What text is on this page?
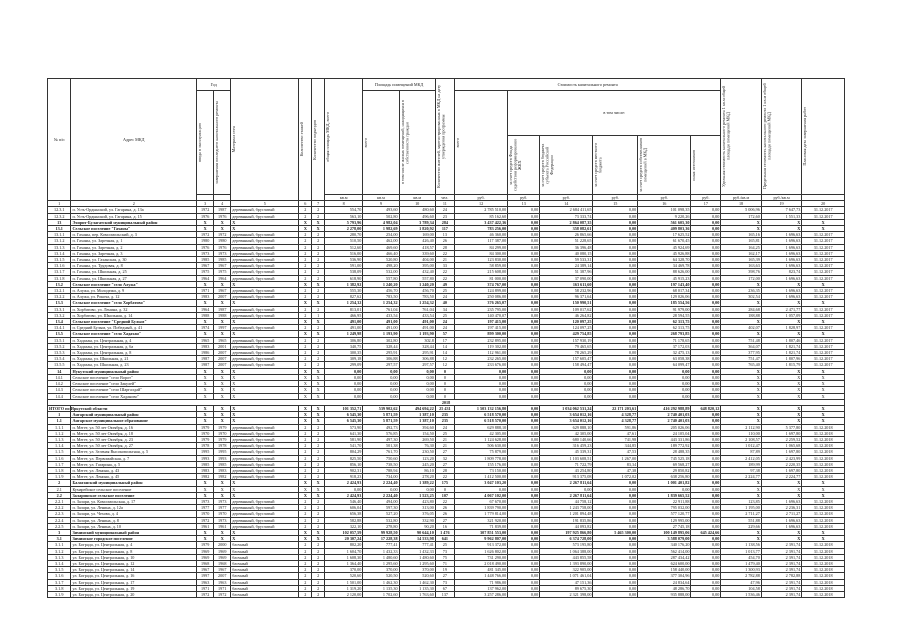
№ п/п	Адрес МКД	Год		Материал стен	Количество этажей	Количество подъездов	общая площадь МКД, всего	Площадь помещений МКД		Количество жителей, зарегистрированных в МКД на дату утверждения программы	Стоимость капитального ремонта						Удельная стоимость капитального ремонта 1 кв.м общей площади помещений МКД	Предельная стоимость капитального ремонта 1 кв.м общей площади помещений МКД	Плановая дата завершения работ

		ввода в эксплуатацию	завершения последнего капитального ремонта					всего	в том числе жилых помещений, находящихся в собственности граждан		всего	в том числе:							

												за счет средств Фонда содействия реформированию ЖКХ	за счет средств бюджета субъекта Российской Федерации	за счет средств местного бюджета	за счет средств собственников помещений в МКД	иных источников			

							кв.м	кв.м	кв.м	чел.	руб.	руб.	руб.	руб.	руб.	руб.	руб./кв.м	руб./кв.м	
1	2	3	4	5	6	7	8	9	10	11	12	13	14	15	16	17	18	19	20
12.3.1	п. Усть-Ордынский, ул. Гагарина, д. 13а	1972	1987	деревянный, брусчатый	2	2	554,70	493,60	480,60	24	2 785 510,00	0,00	2 684 411,65	0,00	101 098,35	0,00	5 006,96	7 647,73	31.12.2017
12.3.2	п. Усть-Ордынский, ул. Гагарина, д. 15	1976	1976	деревянный, брусчатый	2	2	563,10	502,80	496,60	23	85 162,60	0,00	73 333,74	0,00	9 220,26	0,00	172,60	1 551,33	31.12.2017
13	Эхирит-Булагатский муниципальный район	X	X	X	X	X	5 793,96	4 982,04	3 789,34	284	3 437 422,36	0,00	2 864 087,35	0,00	561 605,30	0,00	X	X	X
13.1	Сельское поселение "Гаханы"	X	X	X	X	X	2 278,00	1 982,69	1 820,92	117	783 256,00	0,00	358 082,61	0,00	409 803,36	0,00	X	X	X
13.1.1	п. Гаханы, пер. Комсомольский, д. 3	1972	1972	деревянный, брусчатый	2	2	280,70	254,00	169,00	13	46 360,00	0,00	26 865,66	0,00	17 625,52	0,00	165,16	1 696,63	31.12.2017
13.1.2	п. Гаханы, ул. Заречная, д. 1	1980	1980	деревянный, брусчатый	2	2	510,50	462,00	426,40	26	117 387,00	0,00	51 228,65	0,00	61 670,45	0,00	165,81	1 696,63	31.12.2017
13.1.3	п. Гаханы, ул. Заречная, д. 2	1976	1976	деревянный, брусчатый	2	2	512,60	469,60	418,57	28	84 299,00	0,00	36 396,48	0,00	45 924,69	0,00	164,25	1 696,63	31.12.2017
13.1.4	п. Гаханы, ул. Заречная, д. 3	1973	1973	деревянный, брусчатый	2	2	516,00	466,40	339,60	22	84 300,00	0,00	40 080,15	0,00	45 926,88	0,00	162,17	1 696,63	31.12.2017
13.1.5	п. Гаханы, ул. Гаханская, д. 30	1985	1985	деревянный, брусчатый	2	2	536,90	520,80	404,00	21	123 830,00	0,00	59 533,31	0,00	64 328,70	0,00	165,39	1 696,63	31.12.2017
13.1.6	п. Гаханы, ул. Трудовая, д. 8	1967	1967	деревянный, брусчатый	2	2	591,00	498,20	395,00	33	58 859,00	0,00	24 389,14	0,00	34 469,78	0,00	163,63	1 696,63	31.12.2017
13.1.7	п. Гаханы, ул. Школьная, д. 25	1975	1975	деревянный, брусчатый	2	2	538,09	532,00	432,40	22	215 608,00	0,00	51 387,96	0,00	88 626,00	0,00	398,76	823,74	31.12.2017
13.1.8	п. Гаханы, ул. Школьная, д. 27	1964	1964	деревянный, брусчатый	2	2	618,90	557,80	557,80	22	81 000,00	0,00	37 090,00	0,00	45 915,23	0,00	172,00	1 696,63	31.12.2017
13.2	Сельское поселение "село Алужа"	X	X	X	X	X	1 382,92	1 240,20	1 240,20	49	374 767,00	0,00	163 611,60	0,00	197 143,40	0,00	X	X	X
13.2.1	п. Алужа, ул. Молодежи, д. 9	1971	1967	деревянный, брусчатый	2	2	555,30	456,70	456,70	25	124 899,00	0,00	58 232,96	0,00	68 017,34	0,00	236,35	1 696,63	31.12.2017
13.2.2	п. Алужа, ул. Рокоча, д. 12	1983	2007	деревянный, брусчатый	2	2	827,62	783,50	783,50	24	250 086,00	0,00	96 371,64	0,00	129 026,06	0,00	302,54	1 696,63	31.12.2017
13.3	Сельское поселение "село Хорбатово"	X	X	X	X	X	1 254,32	1 254,32	1 254,32	40	376 265,07	0,00	150 990,51	0,00	185 554,56	0,00	X	X	X
13.3.1	п. Хорбатово, ул. Ленина, д. 32	1964	1987	деревянный, брусчатый	2	2	813,01	761,04	761,04	34	235 795,00	0,00	109 017,62	0,00	91 979,00	0,00	284,68	2 471,77	31.12.2017
13.3.2	п. Хорбатово, ул. Школьная, д. 14	1988	1988	деревянный, брусчатый	2	1	466,95	433,54	433,54	25	140 470,07	0,00	46 264,82	0,00	28 594,55	0,00	188,88	1 057,09	31.12.2017
13.4	Сельское поселение "Средний Булым"	X	X	X	X	X	491,00	491,00	491,00	24	197 415,00	0,00	120 097,25	0,00	62 313,75	0,00	X	X	X
13.4.1	п. Средний Булым, ул. Победный, д. 41	1974	1997	деревянный, брусчатый	2	2	491,00	491,00	491,00	24	197 415,00	0,00	124 097,25	0,00	62 313,75	0,00	402,07	1 828,97	31.12.2017
13.5	Сельское поселение "село Хадахан"	X	X	X	X	X	1 249,98	1 193,90	1 193,90	57	899 300,00	0,00	429 754,85	0,00	268 793,85	0,00	X	X	X
13.5.1	п. Хадахан, ул. Центральная, д. 4	1965	1965	деревянный, брусчатый	2	2	306,80	302,80	302,8	17	232 895,00	0,00	157 930,19	0,00	71 178,65	0,00	751,48	1 807,46	31.12.2017
13.5.2	п. Хадахан, ул. Центральная, д. 6а	1983	2001	деревянный, брусчатый	2	2	340,75	328,44	328,44	14	119 302,00	0,00	79 465,65	0,00	37 172,03	0,00	364,07	1 821,74	31.12.2017
13.5.3	п. Хадахан, ул. Центральная, д. 8	1986	2007	деревянный, брусчатый	2	2	300,35	295,91	295,91	14	112 961,00	0,00	78 265,29	0,00	32 475,13	0,00	377,95	1 821,74	31.12.2017
13.5.4	п. Хадахан, ул. Школьная, д. 21	1987	2007	деревянный, брусчатый	2	2	309,18	306,88	306,88	12	232 265,00	0,00	157 605,47	0,00	63 058,38	0,00	751,47	1 807,96	31.12.2017
13.5.5	п. Хадахан, ул. Школьная, д. 23	1987	2007	деревянный, брусчатый	2	2	299,09	297,57	297,57	12	233 676,00	0,00	158 494,47	0,00	64 099,47	0,00	765,40	1 815,79	31.12.2017
14	Нукутский муниципальный район	X	X	X	X	X	0,00	0,00	0,00	0	0,00	0,00	0,00	0,00	0,00	0,00	X	X	X
14.1	Сельское поселение "село Ворот"	X	X	X	X	X	0,00	0,00	0,00	0	0,00	0,00	0,00	0,00	0,00	0,00	X	X	X
14.2	Сельское поселение "село Закулей"	X	X	X	X	X	0,00	0,00	0,00	0	0,00	0,00	0,00	0,00	0,00	0,00	X	X	X
14.3	Сельское поселение "село Шаргалдай"	X	X	X	X	X	0,00	0,00	0,00	0	0,00	0,00	0,00	0,00	0,00	0,00	X	X	X
14.4	Сельское поселение "село Хаданово"	X	X	X	X	X	0,00	0,00	0,00	0	0,00	0,00	0,00	0,00	0,00	0,00	X	X	X
2018																			
ИТОГО по Иркутской области		X	X	X	X	X	101 352,71	539 902,62	494 694,22	25 431	1 503 132 156,80	0,00	1 034 062 531,24	22 171 203,61	416 292 988,89	648 820,12	X	X	X
1	Ангарский муниципальный район	X	X	X	X	X	6 545,30	5 871,59	1 387,10	235	6 518 570,00	0,00	3 654 012,16	4 328,77	2 740 401,03	0,00	X	X	X
1.1	Ангарское муниципальное образование	X	X	X	X	X	6 545,30	5 871,59	1 387,10	235	6 518 570,00	0,00	3 654 012,16	4 328,77	2 740 401,03	0,00	X	X	X
1.1.1	п. Мегет, ул. 50 лет Октября, д. 16	1979	1979	деревянный, брусчатый	2	2	573,90	492,73	394,60	24	629 888,10	0,00	629 888,10	591,86	205 026,06	0,00	2 112,90	5 377,80	31.12.2018
1.1.2	п. Мегет, ул. 50 лет Октября, д. 18	1970	1970	деревянный, брусчатый	2	2	641,30	576,85	154,50	25	42 305,00	0,00	42 305,00	47,61	24 105,04	0,00	110,00	1 697,80	31.12.2018
1.1.3	п. Мегет, ул. 50 лет Октября, д. 23	1979	1979	деревянный, брусчатый	2	2	581,90	497,30	269,50	21	1 124 628,00	0,00	680 140,66	741,98	443 331,86	0,00	2 108,57	2 259,52	31.12.2018
1.1.4	п. Мегет, ул. 50 лет Октября, д. 27	1978	1978	деревянный, брусчатый	2	2	541,70	501,38	76,30	21	506 630,00	0,00	316 459,23	344,85	189 772,92	0,00	1 012,47	1 065,68	31.12.2018
1.1.5	п. Мегет, ул. Зеленая Высоковольтная, д. 5	1995	1995	деревянный, брусчатый	2	2	804,29	761,70	230,50	27	75 879,00	0,00	45 339,31	47,53	28 488,35	0,00	87,89	1 697,80	31.12.2018
1.1.6	п. Мегет, ул. Первомайская, д. 7	1993	1993	деревянный, брусчатый	2	2	825,50	750,60	123,20	32	1 809 778,00	0,00	1 103 608,51	1 267,00	745 525,18	0,00	2 412,05	2 423,99	31.12.2018
1.1.7	п. Мегет, ул. Гагарина, д. 5	1985	1985	деревянный, брусчатый	2	2	856,10	738,50	245,20	27	155 176,00	0,00	71 722,79	83,34	69 568,27	0,00	189,99	2 220,35	31.12.2018
1.1.8	п. Мегет, ул. Ленина, д. 43	1983	1983	деревянный, брусчатый	2	2	902,31	788,94	86,10	28	73 150,00	0,00	43 254,80	47,38	29 850,82	0,00	97,38	1 697,80	31.12.2018
1.1.9	п. Мегет, ул. Ленина, д. 45	1982	1982	деревянный, брусчатый	2	2	918,23	734,00	278,20	22	1 412 500,00	0,00	913 375,08	1 072,02	638 256,80	0,00	2 224,77	2 224,77	31.12.2018
2	Балаганский муниципальный район	X	X	X	X	X	2 424,93	2 224,40	1 389,22	175	3 047 103,20	0,00	2 267 811,64	0,00	1 001 401,82	0,00	X	X	X
2.1	Кумарейское сельское поселение	X	X	X	X	X	0,00	0,00	0,00	0	0,00	0,00	0,00	0,00	0,00	0,00	X	X	X
2.2	Заларинское сельское поселение	X	X	X	X	X	2 424,93	2 224,40	1 523,25	107	4 067 102,00	0,00	2 267 811,64	0,00	1 839 665,52	0,00	X	X	X
2.2.1	п. Залари, ул. Комсомольская, д. 17	1973	1973	деревянный, брусчатый	2	2	546,40	494,00	423,80	22	67 670,00	0,00	44 758,12	0,00	22 911,88	0,00	123,85	1 696,63	31.12.2018
2.2.2	п. Залари, ул. Ленина, д. 12а	1977	1977	деревянный, брусчатый	2	2	606,04	597,30	313,00	26	1 839 790,00	0,00	1 243 758,00	0,00	795 032,00	0,00	1 195,00	2 236,31	31.12.2018
2.2.3	п. Залари, ул. Чехова, д. 4	1970	1970	деревянный, брусчатый	2	2	656,38	527,20	376,05	26	1 779 814,00	0,00	1 201 894,48	0,00	577 120,77	0,00	2 711,27	2 711,27	31.12.2018
2.2.4	п. Залари, ул. Ленина, д. 8	1972	1973	деревянный, брусчатый	2	2	582,88	532,80	332,90	27	321 920,00	0,00	191 835,86	0,00	129 995,00	0,00	551,88	1 696,63	31.12.2018
2.2.5	п. Залари, ул. Ленина, д. 10	1961	1961	деревянный, брусчатый	2	2	322,10	278,80	90,20	16	71 839,00	0,00	44 093,82	0,00	27 745,18	0,00	229,66	1 696,63	31.12.2018
3	Зиминский муниципальный район	X	X	X	X	X	102 057,59	99 928,50	90 644,10	1 476	307 851 553,00	0,00	197 925 866,80	5 465 300,00	100 149 895,06	645 424,66	X	X	X
3.1	Зиминское городское поселение	X	X	X	X	X	20 307,24	17 228,38	14 533,98	641	9 962 807,00	0,00	6 374 728,00	0,00	3 588 079,00	0,00	X	X	X
3.1.1	ул. Бограда, ул. Центральная, д. 4	1979	2000	блочный	2	2	802,20	777,41	777,41	25	913 372,00	0,00	573 195,80	0,00	340 176,20	0,00	1 138,56	2 391,74	31.12.2018
3.1.2	ул. Бограда, ул. Центральная, д. 8	1969	1969	блочный	2	2	1 604,70	1 432,33	1 432,33	73	1 626 802,00	0,00	1 064 388,00	0,00	562 414,00	0,00	1 013,77	2 391,74	31.12.2018
3.1.3	ул. Бограда, ул. Центральная, д. 10	1969	1969	блочный	2	2	1 608,30	1 480,60	1 480,60	75	731 290,00	0,00	443 855,58	0,00	287 434,42	0,00	454,70	2 391,74	31.12.2018
3.1.4	ул. Бограда, ул. Центральная, д. 12	1968	1968	блочный	2	2	1 364,40	1 295,60	1 295,60	71	2 018 490,00	0,00	1 393 890,00	0,00	624 600,00	0,00	1 479,40	2 391,74	31.12.2018
3.1.5	ул. Бограда, ул. Центральная, д. 14	1967	1967	блочный	2	2	370,00	370,00	370,00	19	481 345,00	0,00	322 905,00	0,00	158 440,00	0,00	1 300,93	2 391,74	31.12.2018
3.1.6	ул. Бограда, ул. Центральная, д. 16	1997	2007	блочный	2	2	520,60	520,50	520,60	27	1 448 766,00	0,00	1 071 461,04	0,00	377 304,96	0,00	2 782,88	2 782,88	31.12.2018
3.1.7	ул. Бограда, ул. Центральная, д. 17	1963	1963	блочный	2	2	1 501,00	1 462,30	1 462,30	73	71 986,00	0,00	47 151,36	0,00	24 834,64	0,00	47,96	2 391,74	31.12.2018
3.1.8	ул. Бограда, ул. Центральная, д. 19	1971	1971	блочный	2	2	1 319,20	1 135,30	1 135,30	67	137 962,00	0,00	89 675,30	0,00	48 286,70	0,00	104,58	2 391,74	31.12.2018
3.1.9	ул. Бограда, ул. Центральная, д. 20	1972	1972	блочный	2	2	2 120,00	1 702,60	1 763,60	137	3 257 286,00	0,00	2 321 398,00	0,00	935 888,00	0,00	1 536,46	2 391,74	31.12.2018
